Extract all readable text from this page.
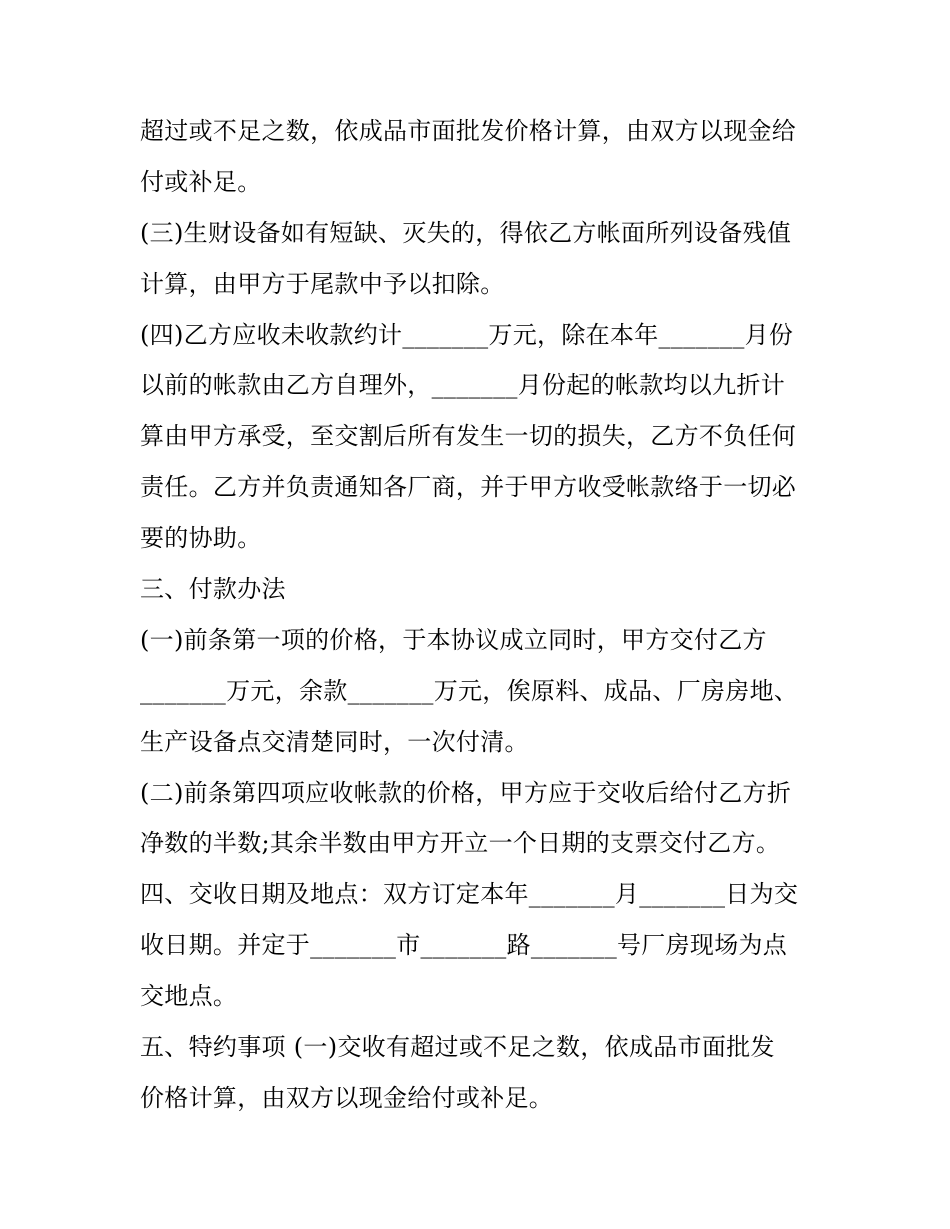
超过或不足之数，依成品市面批发价格计算，由双方以现金给
付或补足。
(三)生财设备如有短缺、灭失的，得依乙方帐面所列设备残值
计算，由甲方于尾款中予以扣除。
(四)乙方应收未收款约计_______万元，除在本年_______月份
以前的帐款由乙方自理外，_______月份起的帐款均以九折计
算由甲方承受，至交割后所有发生一切的损失，乙方不负任何
责任。乙方并负责通知各厂商，并于甲方收受帐款络于一切必
要的协助。
三、付款办法
(一)前条第一项的价格，于本协议成立同时，甲方交付乙方
_______万元，余款_______万元，俟原料、成品、厂房房地、
生产设备点交清楚同时，一次付清。
(二)前条第四项应收帐款的价格，甲方应于交收后给付乙方折
净数的半数;其余半数由甲方开立一个日期的支票交付乙方。
四、交收日期及地点：双方订定本年_______月_______日为交
收日期。并定于_______市_______路_______号厂房现场为点
交地点。
五、特约事项 (一)交收有超过或不足之数，依成品市面批发
价格计算，由双方以现金给付或补足。
